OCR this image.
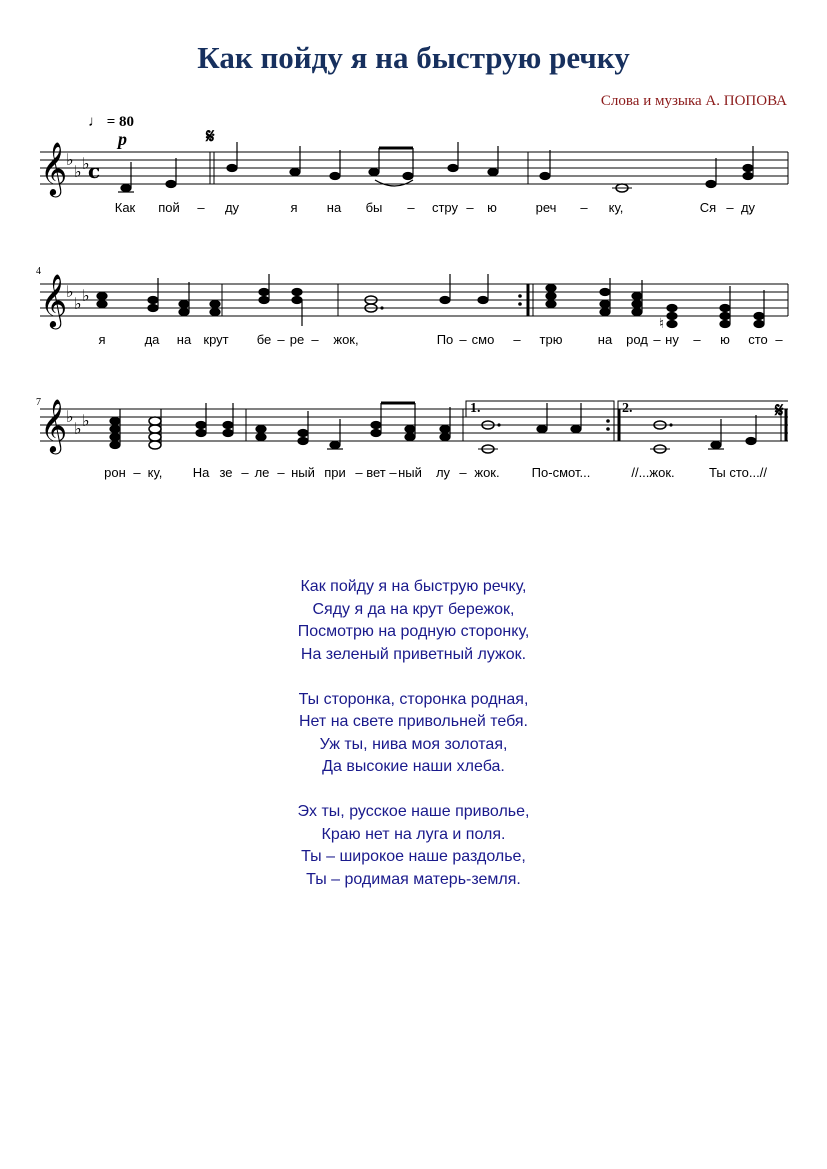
Как пойду я на быструю речку
Слова и музыка А. ПОПОВА
♩ = 80
p	𝄋
𝄋
4
7
𝄞
♭
♭ ♭
c
Как пой – ду	я на бы – стру – ю	реч – ку,	Ся – ду
𝄞
♭
♭ ♭
♮
я	да на крут бе – ре – жок,	По – смо – трю	на род – ну – ю сто –
1.	2.
𝄞
♭
♭ ♭
рон – ку, На зе – ле – ный при – вет – ный лу – жок. По-смот...	//...жок.	Ты сто...//
Как пойду я на быструю речку,
Сяду я да на крут бережок,
Посмотрю на родную сторонку,
На зеленый приветный лужок.
Ты сторонка, сторонка родная,
Нет на свете привольней тебя.
Уж ты, нива моя золотая,
Да высокие наши хлеба.
Эх ты, русское наше приволье,
Краю нет на луга и поля.
Ты – широкое наше раздолье,
Ты – родимая матерь-земля.
